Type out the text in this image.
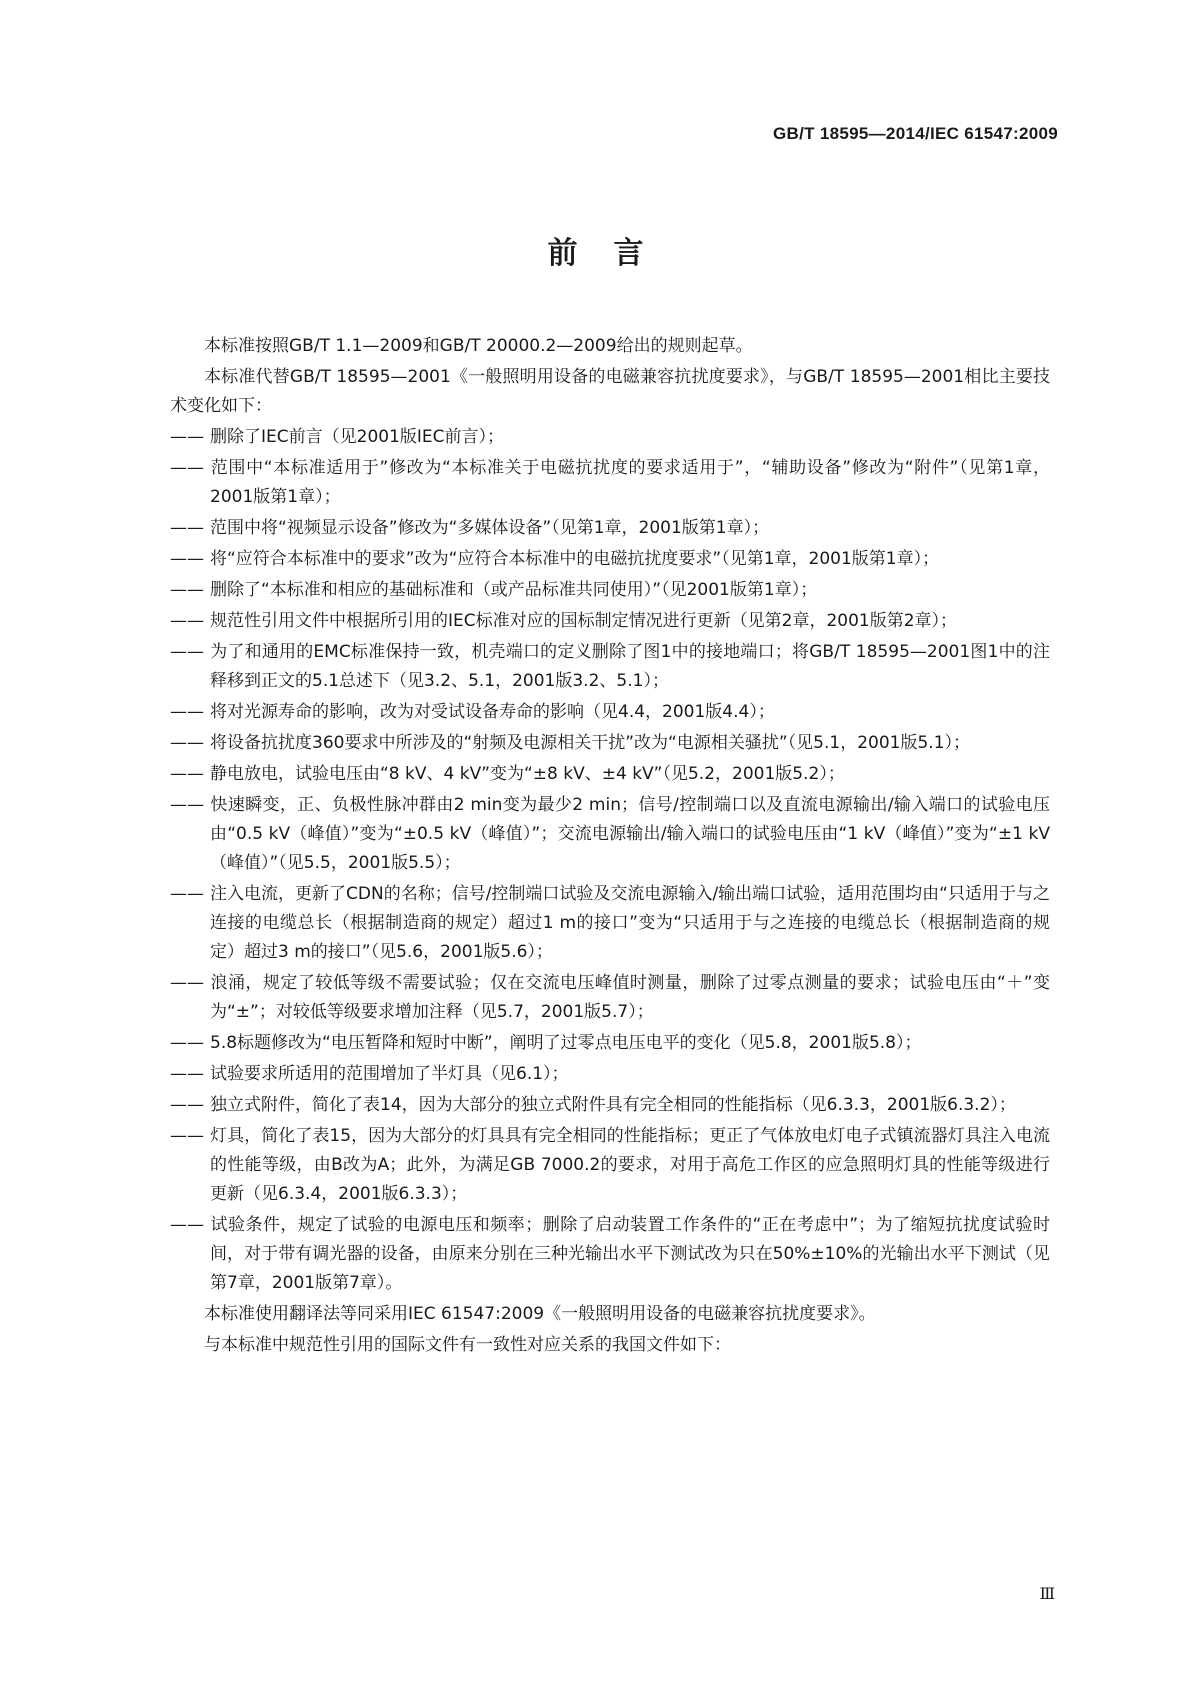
GB/T 18595—2014/IEC 61547:2009
前言

本标准按照GB/T 1.1—2009和GB/T 20000.2—2009给出的规则起草。

本标准代替GB/T 18595—2001《一般照明用设备的电磁兼容抗扰度要求》，与GB/T 18595—2001相比主要技术变化如下：

—— 删除了IEC前言（见2001版IEC前言）；

—— 范围中“本标准适用于”修改为“本标准关于电磁抗扰度的要求适用于”，“辅助设备”修改为“附件”（见第1章，2001版第1章）；

—— 范围中将“视频显示设备”修改为“多媒体设备”（见第1章，2001版第1章）；

—— 将“应符合本标准中的要求”改为“应符合本标准中的电磁抗扰度要求”（见第1章，2001版第1章）；

—— 删除了“本标准和相应的基础标准和（或产品标准共同使用）”（见2001版第1章）；

—— 规范性引用文件中根据所引用的IEC标准对应的国标制定情况进行更新（见第2章，2001版第2章）；

—— 为了和通用的EMC标准保持一致，机壳端口的定义删除了图1中的接地端口；将GB/T 18595—2001图1中的注释移到正文的5.1总述下（见3.2、5.1，2001版3.2、5.1）；

—— 将对光源寿命的影响，改为对受试设备寿命的影响（见4.4，2001版4.4）；

—— 将设备抗扰度360要求中所涉及的“射频及电源相关干扰”改为“电源相关骚扰”（见5.1，2001版5.1）；

—— 静电放电，试验电压由“8 kV、4 kV”变为“±8 kV、±4 kV”（见5.2，2001版5.2）；

—— 快速瞬变，正、负极性脉冲群由2 min变为最少2 min；信号/控制端口以及直流电源输出/输入端口的试验电压由“0.5 kV（峰值）”变为“±0.5 kV（峰值）”；交流电源输出/输入端口的试验电压由“1 kV（峰值）”变为“±1 kV（峰值）”（见5.5，2001版5.5）；

—— 注入电流，更新了CDN的名称；信号/控制端口试验及交流电源输入/输出端口试验，适用范围均由“只适用于与之连接的电缆总长（根据制造商的规定）超过1 m的接口”变为“只适用于与之连接的电缆总长（根据制造商的规定）超过3 m的接口”（见5.6，2001版5.6）；

—— 浪涌，规定了较低等级不需要试验；仅在交流电压峰值时测量，删除了过零点测量的要求；试验电压由“＋”变为“±”；对较低等级要求增加注释（见5.7，2001版5.7）；

—— 5.8标题修改为“电压暂降和短时中断”，阐明了过零点电压电平的变化（见5.8，2001版5.8）；

—— 试验要求所适用的范围增加了半灯具（见6.1）；

—— 独立式附件，简化了表14，因为大部分的独立式附件具有完全相同的性能指标（见6.3.3，2001版6.3.2）；

—— 灯具，简化了表15，因为大部分的灯具具有完全相同的性能指标；更正了气体放电灯电子式镇流器灯具注入电流的性能等级，由B改为A；此外，为满足GB 7000.2的要求，对用于高危工作区的应急照明灯具的性能等级进行更新（见6.3.4，2001版6.3.3）；

—— 试验条件，规定了试验的电源电压和频率；删除了启动装置工作条件的“正在考虑中”；为了缩短抗扰度试验时间，对于带有调光器的设备，由原来分别在三种光输出水平下测试改为只在50%±10%的光输出水平下测试（见第7章，2001版第7章）。

本标准使用翻译法等同采用IEC 61547:2009《一般照明用设备的电磁兼容抗扰度要求》。

与本标准中规范性引用的国际文件有一致性对应关系的我国文件如下：

Ⅲ
